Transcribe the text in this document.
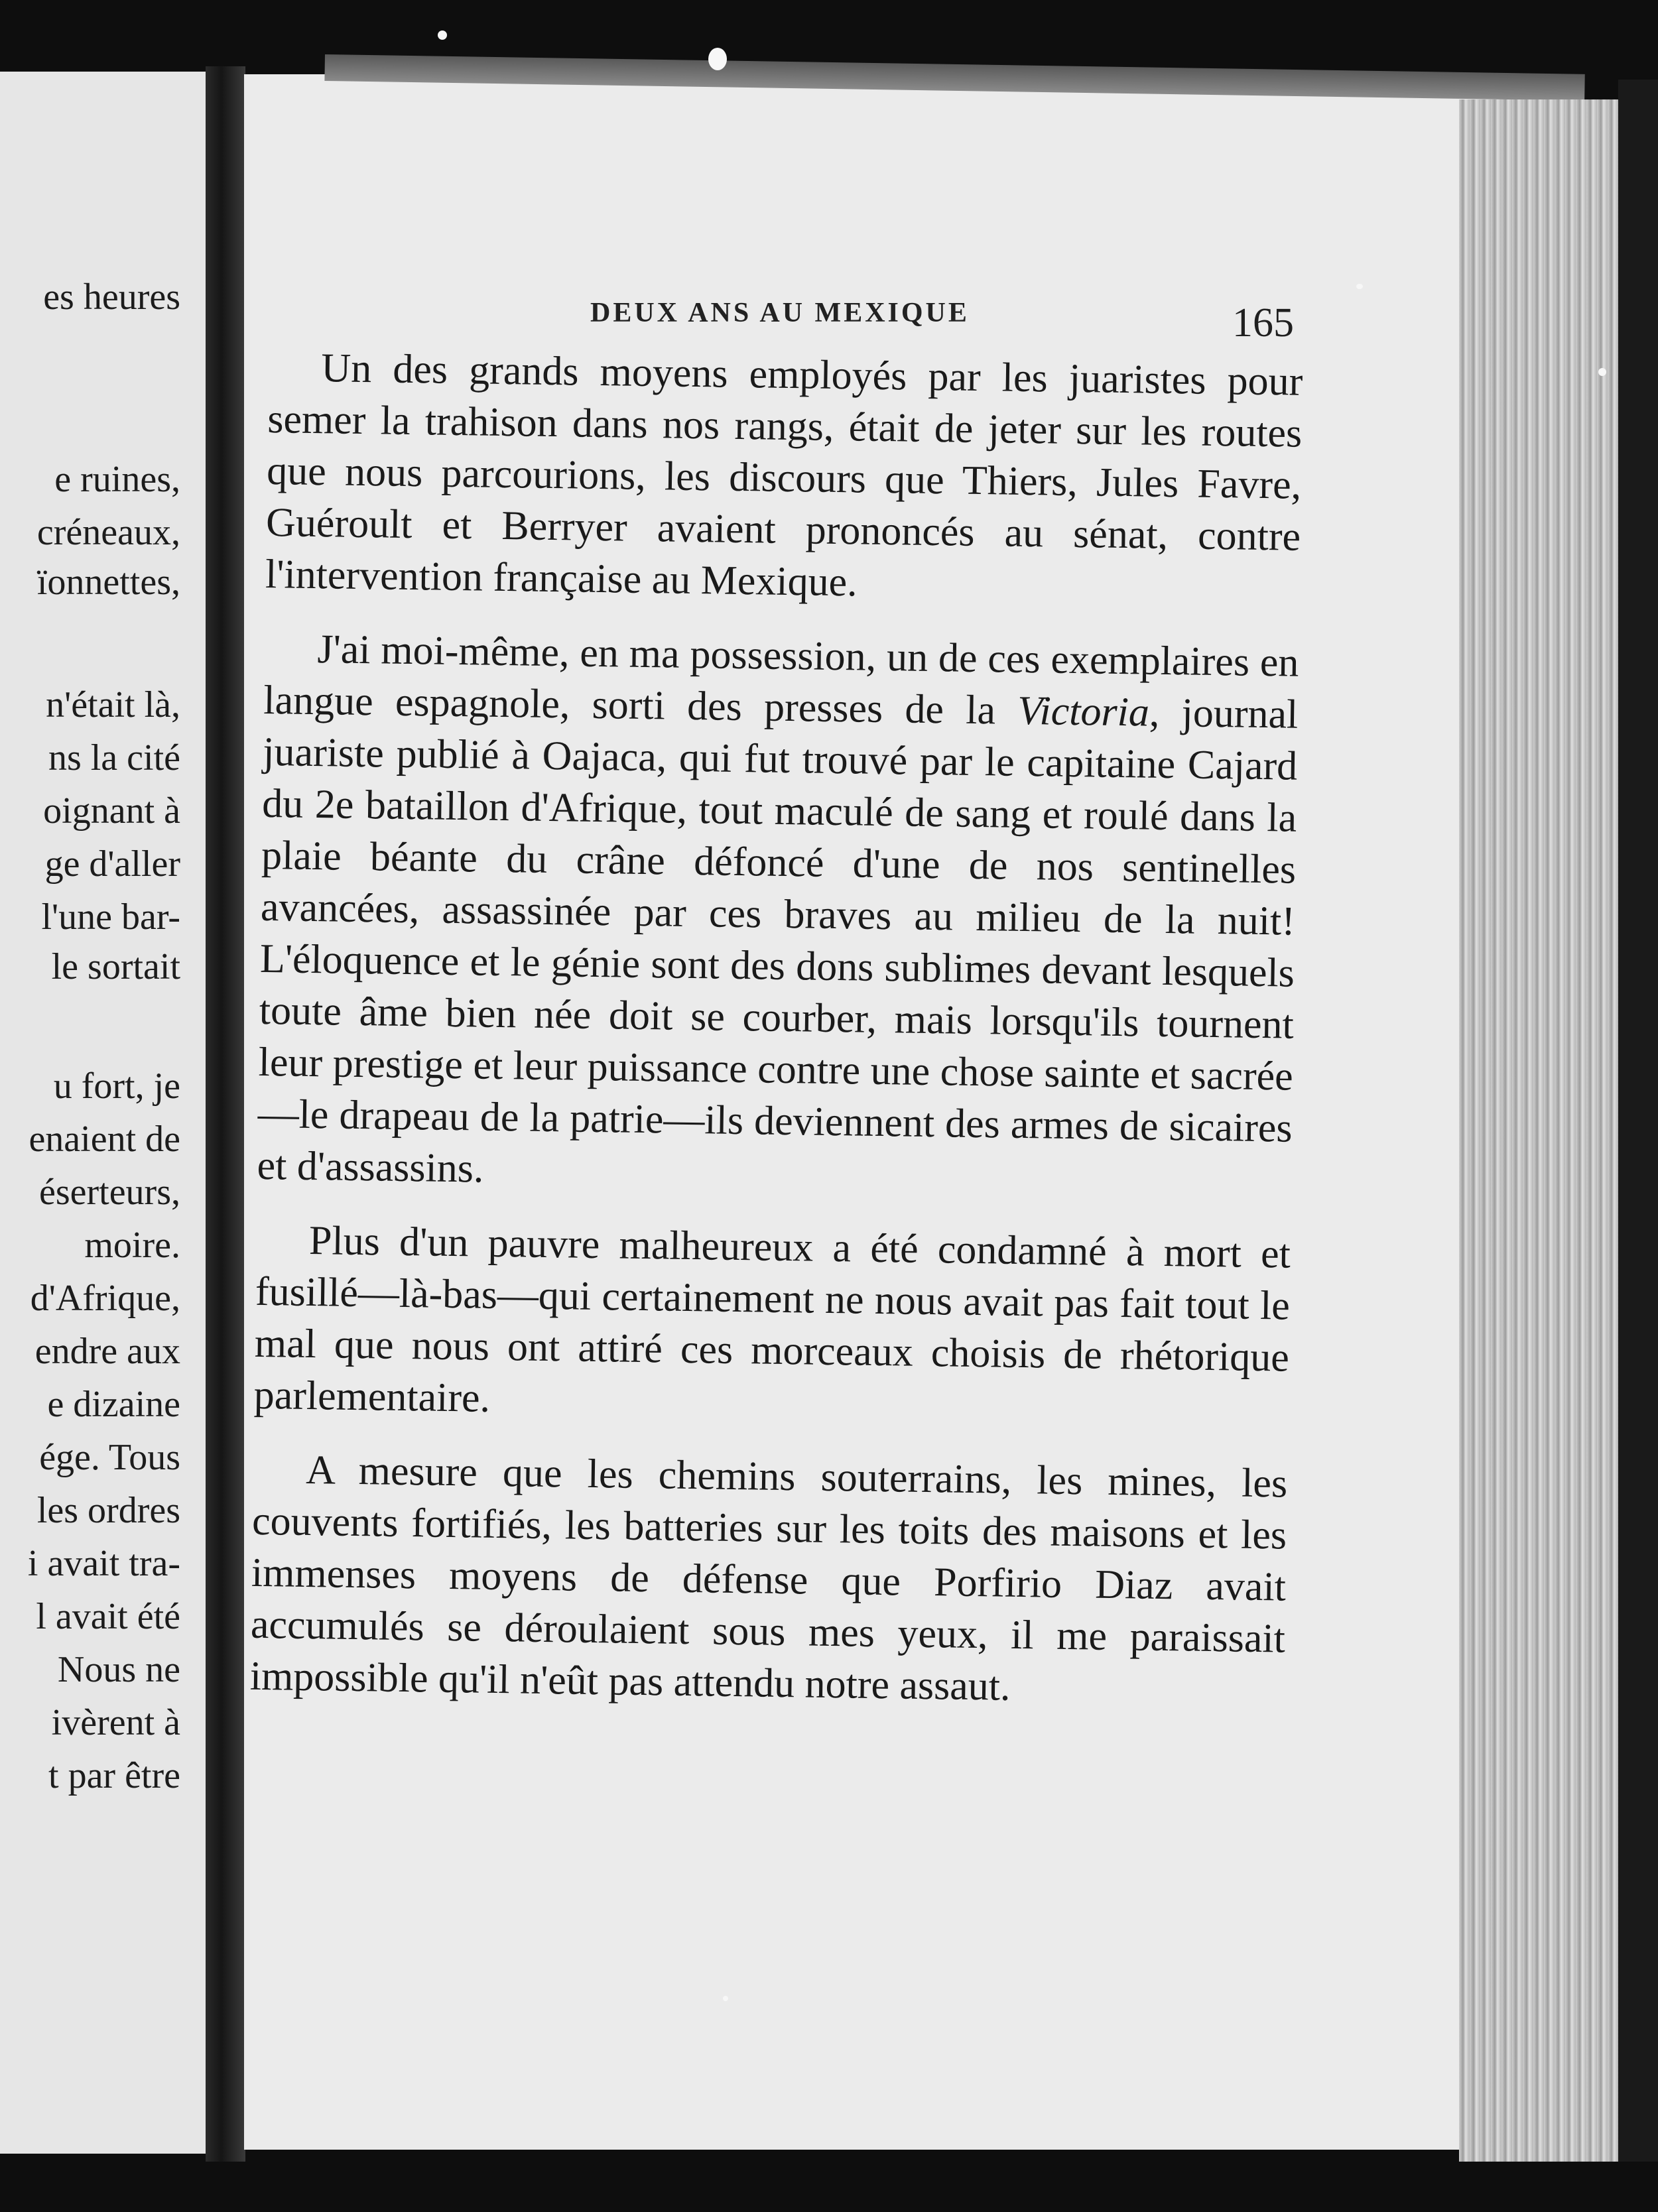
es heures
e ruines,
créneaux,
ïonnettes,
n'était là,
ns la cité
oignant à
ge d'aller
l'une bar-
le sortait
u fort, je
enaient de
éserteurs,
moire.
d'Afrique,
endre aux
e dizaine
ége. Tous
les ordres
i avait tra-
l avait été
Nous ne
ivèrent à
t par être
DEUX ANS AU MEXIQUE	165

Un des grands moyens employés par les juaristes pour semer la trahison dans nos rangs, était de jeter sur les routes que nous parcourions, les discours que Thiers, Jules Favre, Guéroult et Berryer avaient prononcés au sénat, contre l'intervention française au Mexique.

J'ai moi-même, en ma possession, un de ces exemplaires en langue espagnole, sorti des presses de la Victoria, journal juariste publié à Oajaca, qui fut trouvé par le capitaine Cajard du 2e bataillon d'Afrique, tout maculé de sang et roulé dans la plaie béante du crâne défoncé d'une de nos sentinelles avancées, assassinée par ces braves au milieu de la nuit! L'éloquence et le génie sont des dons sublimes devant lesquels toute âme bien née doit se courber, mais lorsqu'ils tournent leur prestige et leur puissance contre une chose sainte et sacrée—le drapeau de la patrie—ils deviennent des armes de sicaires et d'assassins.

Plus d'un pauvre malheureux a été condamné à mort et fusillé—là-bas—qui certainement ne nous avait pas fait tout le mal que nous ont attiré ces morceaux choisis de rhétorique parlementaire.

A mesure que les chemins souterrains, les mines, les couvents fortifiés, les batteries sur les toits des maisons et les immenses moyens de défense que Porfirio Diaz avait accumulés se déroulaient sous mes yeux, il me paraissait impossible qu'il n'eût pas attendu notre assaut.
